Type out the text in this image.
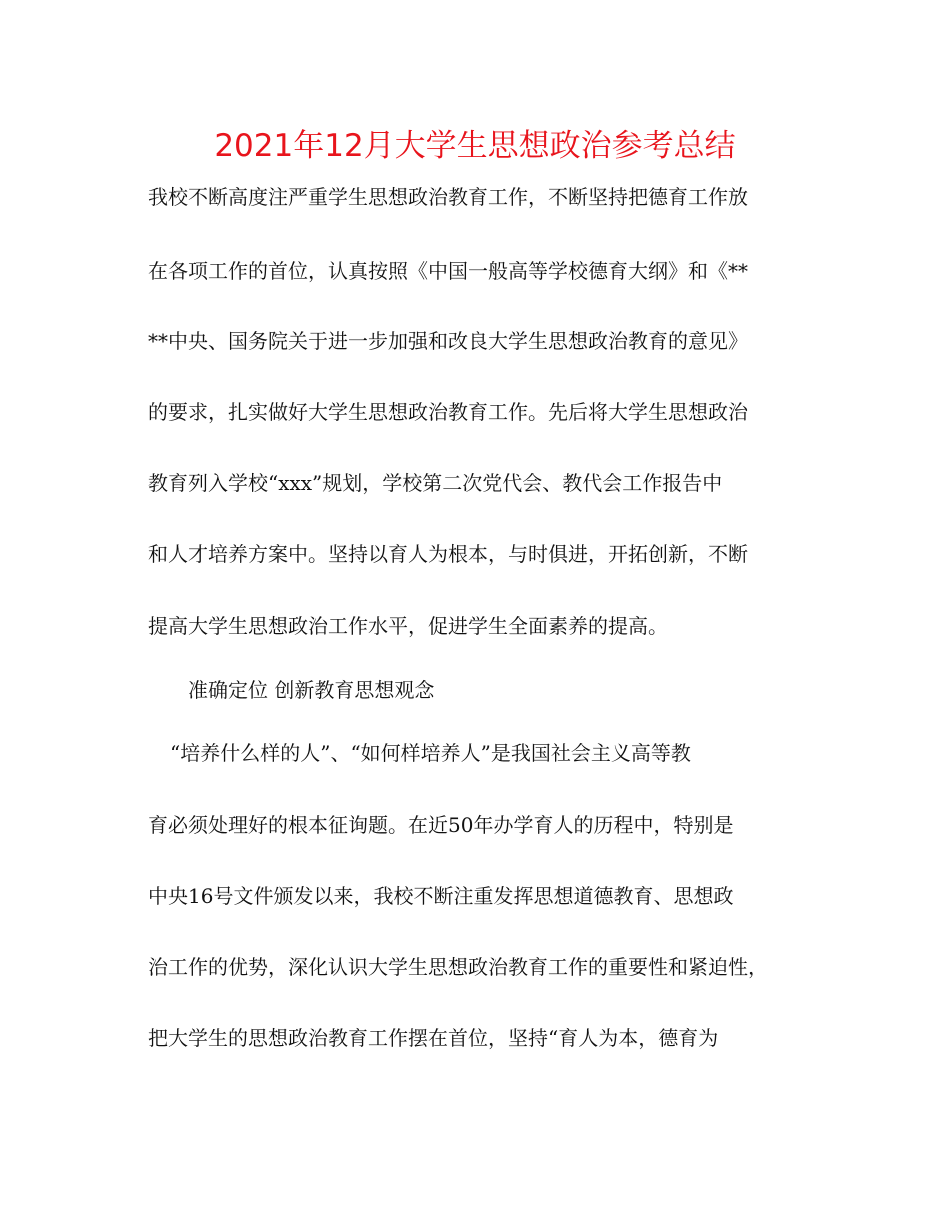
2021年12月大学生思想政治参考总结
我校不断高度注严重学生思想政治教育工作，不断坚持把德育工作放
在各项工作的首位，认真按照《中国一般高等学校德育大纲》和《**
**中央、国务院关于进一步加强和改良大学生思想政治教育的意见》
的要求，扎实做好大学生思想政治教育工作。先后将大学生思想政治
教育列入学校“xxx”规划，学校第二次党代会、教代会工作报告中
和人才培养方案中。坚持以育人为根本，与时俱进，开拓创新，不断
提高大学生思想政治工作水平，促进学生全面素养的提高。
准确定位 创新教育思想观念
“培养什么样的人”、“如何样培养人”是我国社会主义高等教
育必须处理好的根本征询题。在近50年办学育人的历程中，特别是
中央16号文件颁发以来，我校不断注重发挥思想道德教育、思想政
治工作的优势，深化认识大学生思想政治教育工作的重要性和紧迫性，
把大学生的思想政治教育工作摆在首位，坚持“育人为本，德育为
